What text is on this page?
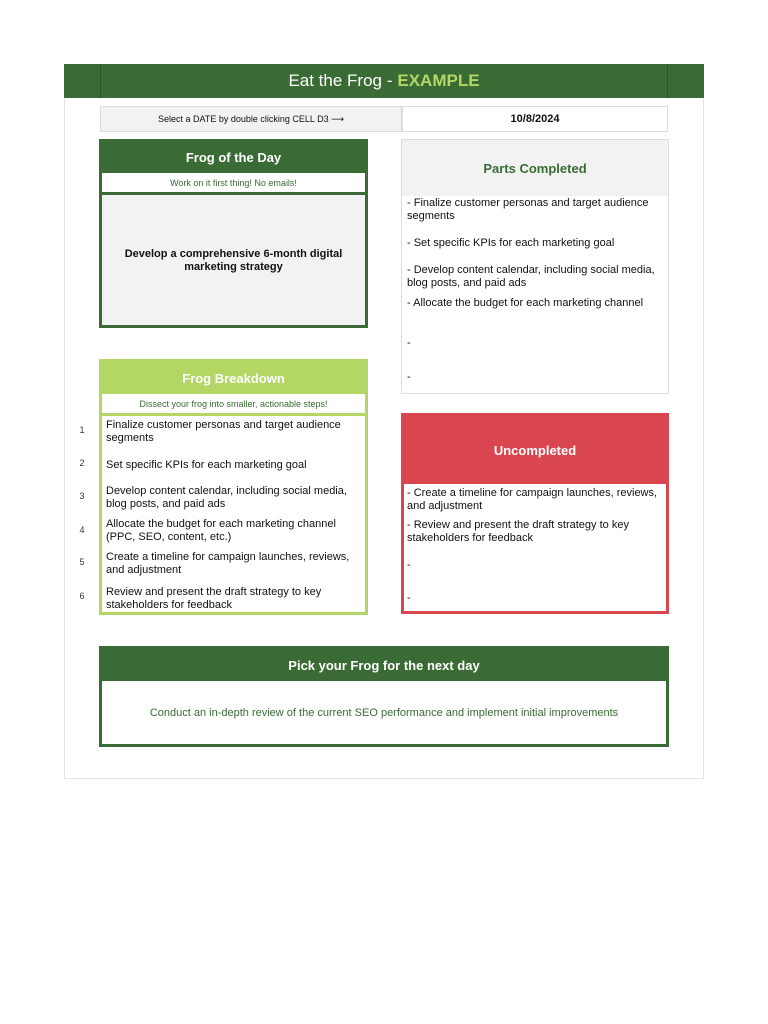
Eat the Frog - EXAMPLE
Select a DATE by double clicking CELL D3 ⟶	10/8/2024
Frog of the Day
Work on it first thing! No emails!
Develop a comprehensive 6-month digital marketing strategy
Parts Completed
- Finalize customer personas and target audience segments
- Set specific KPIs for each marketing goal
- Develop content calendar, including social media, blog posts, and paid ads
- Allocate the budget for each marketing channel
-
-
Frog Breakdown
Dissect your frog into smaller, actionable steps!
Finalize customer personas and target audience segments
Set specific KPIs for each marketing goal
Develop content calendar, including social media, blog posts, and paid ads
Allocate the budget for each marketing channel (PPC, SEO, content, etc.)
Create a timeline for campaign launches, reviews, and adjustment
Review and present the draft strategy to key stakeholders for feedback
1
2
3
4
5
6
Uncompleted
- Create a timeline for campaign launches, reviews, and adjustment
- Review and present the draft strategy to key stakeholders for feedback
-
-
Pick your Frog for the next day
Conduct an in-depth review of the current SEO performance and implement initial improvements
